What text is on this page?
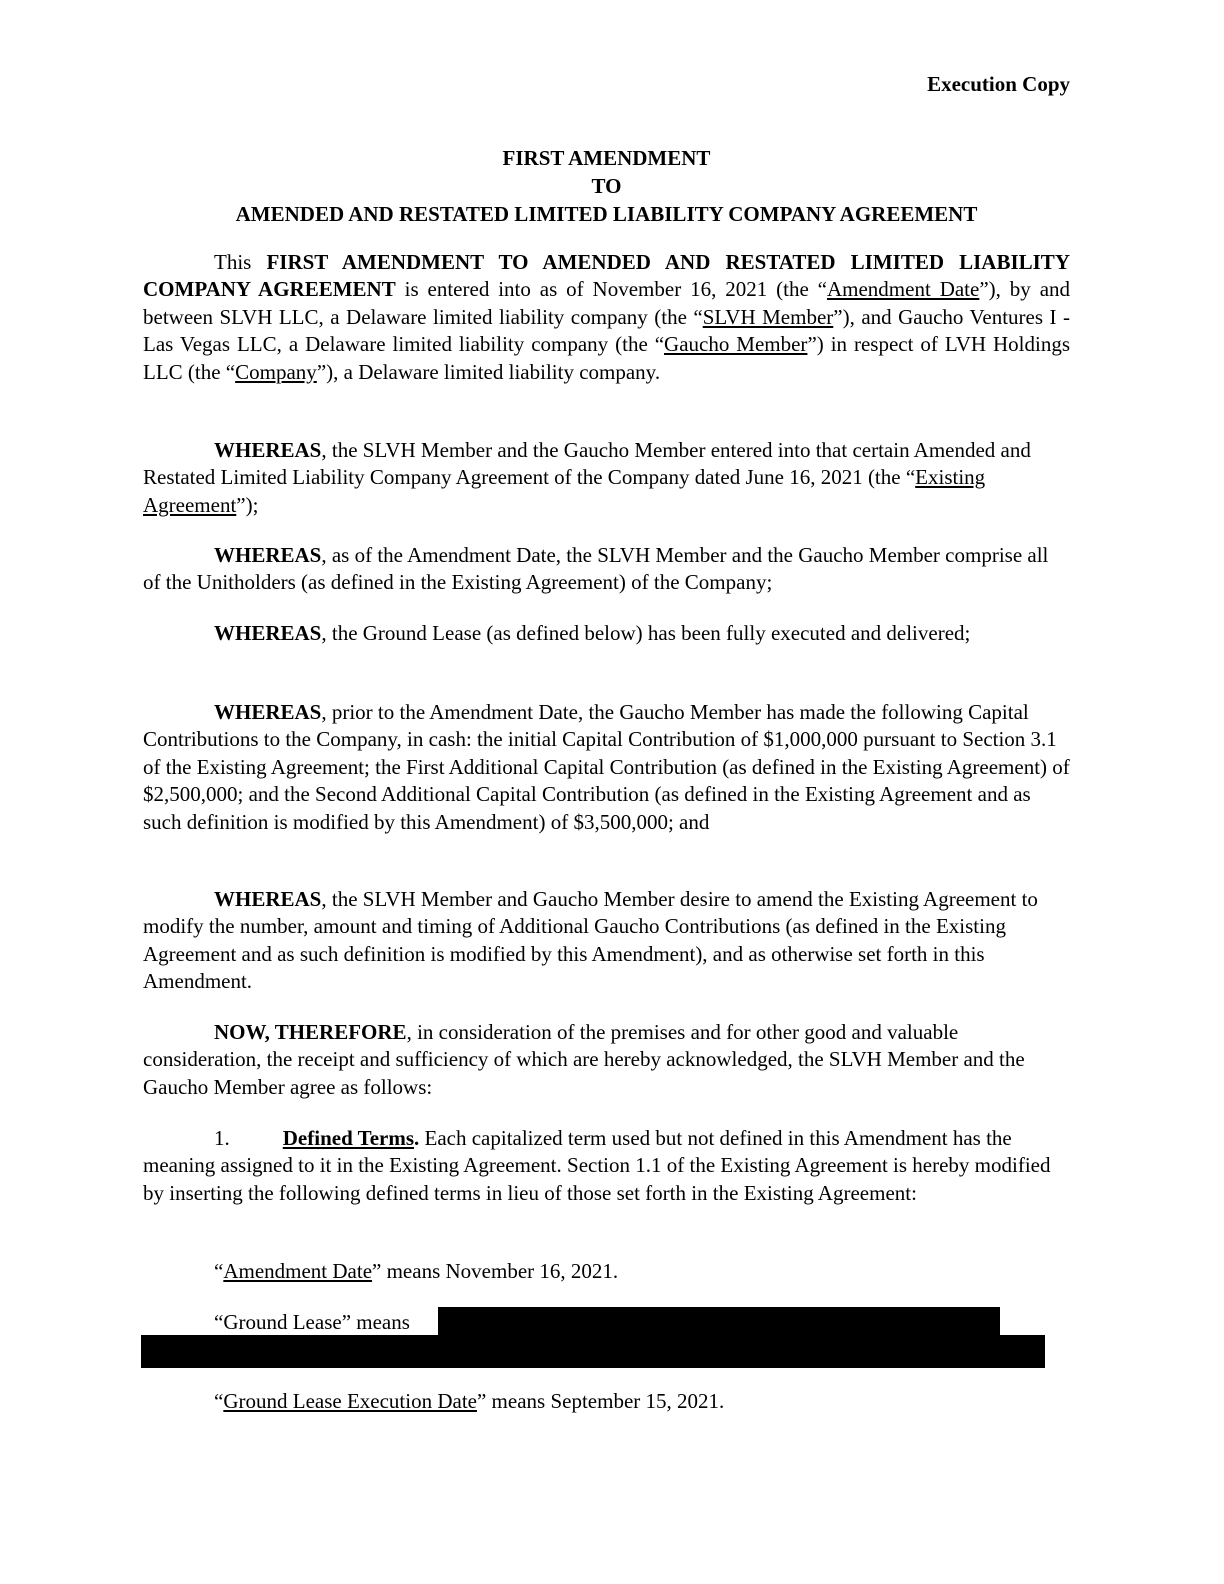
Execution Copy
FIRST AMENDMENT
TO
AMENDED AND RESTATED LIMITED LIABILITY COMPANY AGREEMENT

This FIRST AMENDMENT TO AMENDED AND RESTATED LIMITED LIABILITY COMPANY AGREEMENT is entered into as of November 16, 2021 (the “Amendment Date”), by and between SLVH LLC, a Delaware limited liability company (the “SLVH Member”), and Gaucho Ventures I - Las Vegas LLC, a Delaware limited liability company (the “Gaucho Member”) in respect of LVH Holdings LLC (the “Company”), a Delaware limited liability company.

WHEREAS, the SLVH Member and the Gaucho Member entered into that certain Amended and Restated Limited Liability Company Agreement of the Company dated June 16, 2021 (the “Existing Agreement”);

WHEREAS, as of the Amendment Date, the SLVH Member and the Gaucho Member comprise all of the Unitholders (as defined in the Existing Agreement) of the Company;

WHEREAS, the Ground Lease (as defined below) has been fully executed and delivered;

WHEREAS, prior to the Amendment Date, the Gaucho Member has made the following Capital Contributions to the Company, in cash: the initial Capital Contribution of $1,000,000 pursuant to Section 3.1 of the Existing Agreement; the First Additional Capital Contribution (as defined in the Existing Agreement) of $2,500,000; and the Second Additional Capital Contribution (as defined in the Existing Agreement and as such definition is modified by this Amendment) of $3,500,000; and

WHEREAS, the SLVH Member and Gaucho Member desire to amend the Existing Agreement to modify the number, amount and timing of Additional Gaucho Contributions (as defined in the Existing Agreement and as such definition is modified by this Amendment), and as otherwise set forth in this Amendment.

NOW, THEREFORE, in consideration of the premises and for other good and valuable consideration, the receipt and sufficiency of which are hereby acknowledged, the SLVH Member and the Gaucho Member agree as follows:

1.	Defined Terms. Each capitalized term used but not defined in this Amendment has the meaning assigned to it in the Existing Agreement. Section 1.1 of the Existing Agreement is hereby modified by inserting the following defined terms in lieu of those set forth in the Existing Agreement:

“Amendment Date” means November 16, 2021.

“Ground Lease” means

“Ground Lease Execution Date” means September 15, 2021.
